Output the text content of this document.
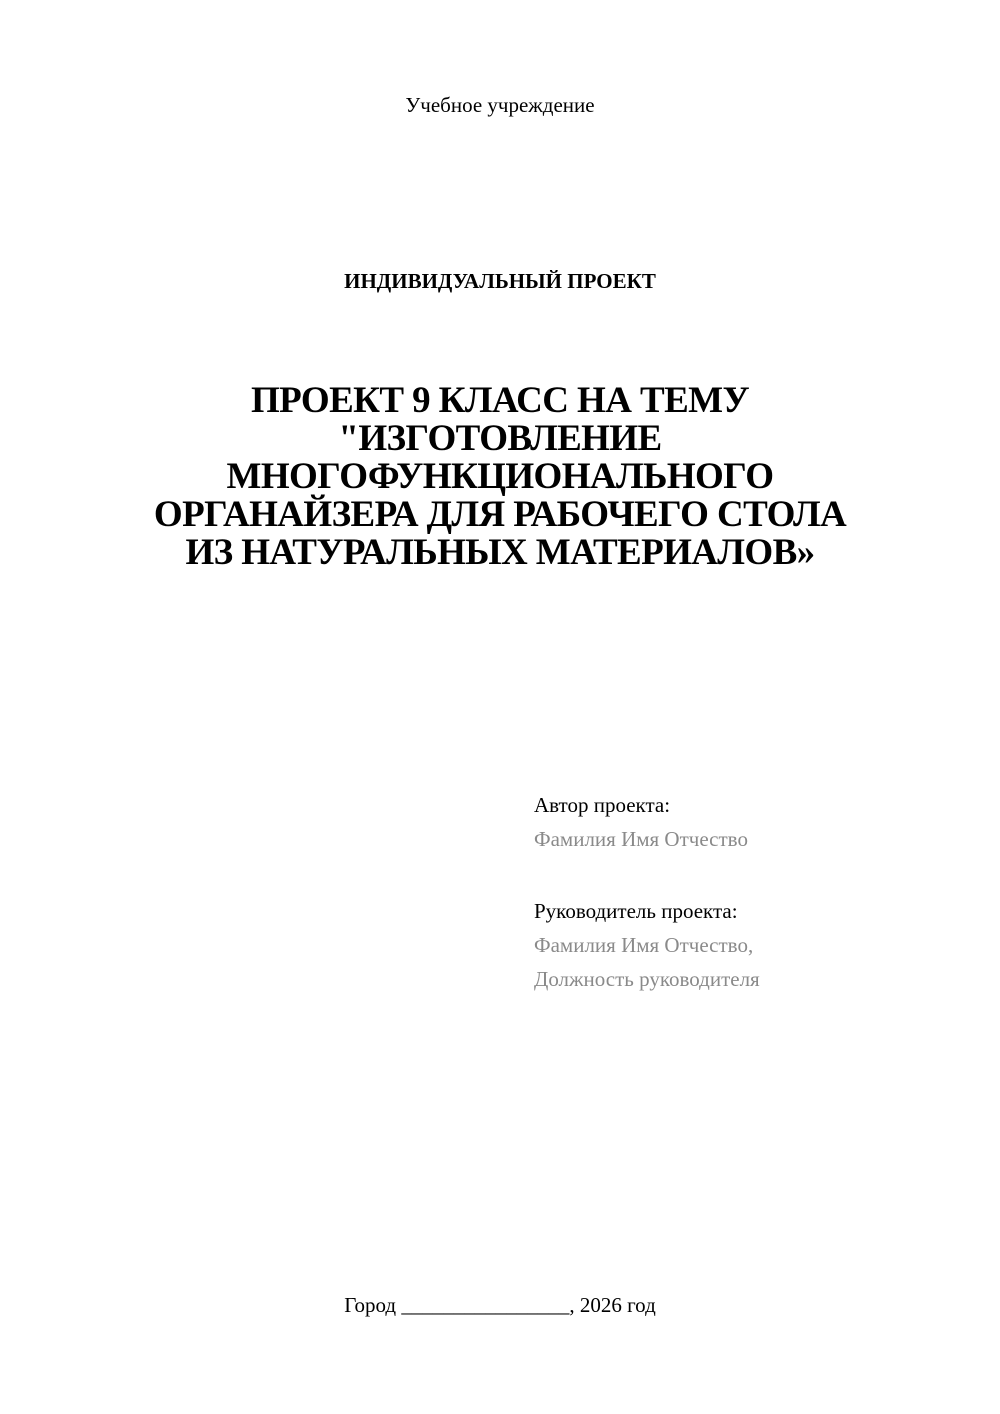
Учебное учреждение
ИНДИВИДУАЛЬНЫЙ ПРОЕКТ
ПРОЕКТ 9 КЛАСС НА ТЕМУ
"ИЗГОТОВЛЕНИЕ
МНОГОФУНКЦИОНАЛЬНОГО
ОРГАНАЙЗЕРА ДЛЯ РАБОЧЕГО СТОЛА
ИЗ НАТУРАЛЬНЫХ МАТЕРИАЛОВ»
Автор проекта:
Фамилия Имя Отчество
Руководитель проекта:
Фамилия Имя Отчество,
Должность руководителя
Город ________________, 2026 год
